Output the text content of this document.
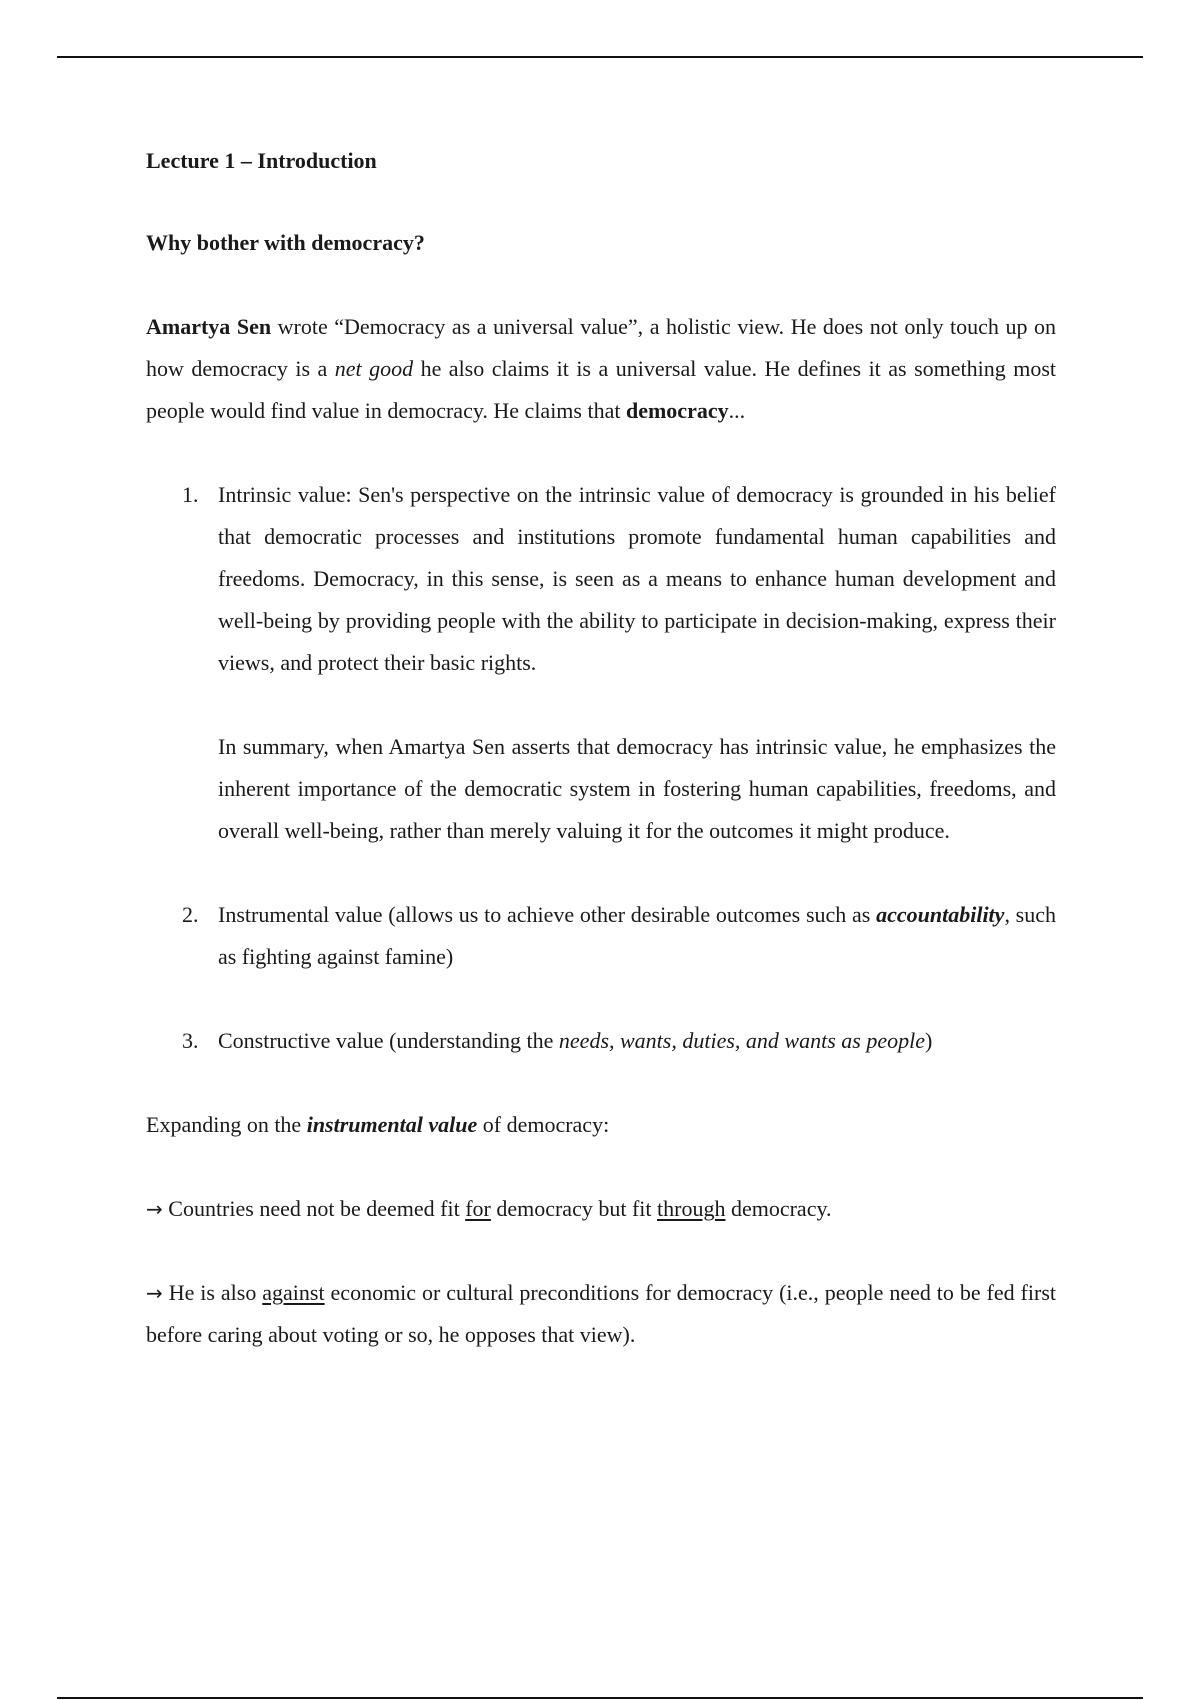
Lecture 1 – Introduction

Why bother with democracy?

Amartya Sen wrote “Democracy as a universal value”, a holistic view. He does not only touch up on how democracy is a net good he also claims it is a universal value. He defines it as something most people would find value in democracy. He claims that democracy...

1. Intrinsic value: Sen's perspective on the intrinsic value of democracy is grounded in his belief that democratic processes and institutions promote fundamental human capabilities and freedoms. Democracy, in this sense, is seen as a means to enhance human development and well-being by providing people with the ability to participate in decision-making, express their views, and protect their basic rights.
In summary, when Amartya Sen asserts that democracy has intrinsic value, he emphasizes the inherent importance of the democratic system in fostering human capabilities, freedoms, and overall well-being, rather than merely valuing it for the outcomes it might produce.
2. Instrumental value (allows us to achieve other desirable outcomes such as accountability, such as fighting against famine)
3. Constructive value (understanding the needs, wants, duties, and wants as people)

Expanding on the instrumental value of democracy:

→ Countries need not be deemed fit for democracy but fit through democracy.

→ He is also against economic or cultural preconditions for democracy (i.e., people need to be fed first before caring about voting or so, he opposes that view).
